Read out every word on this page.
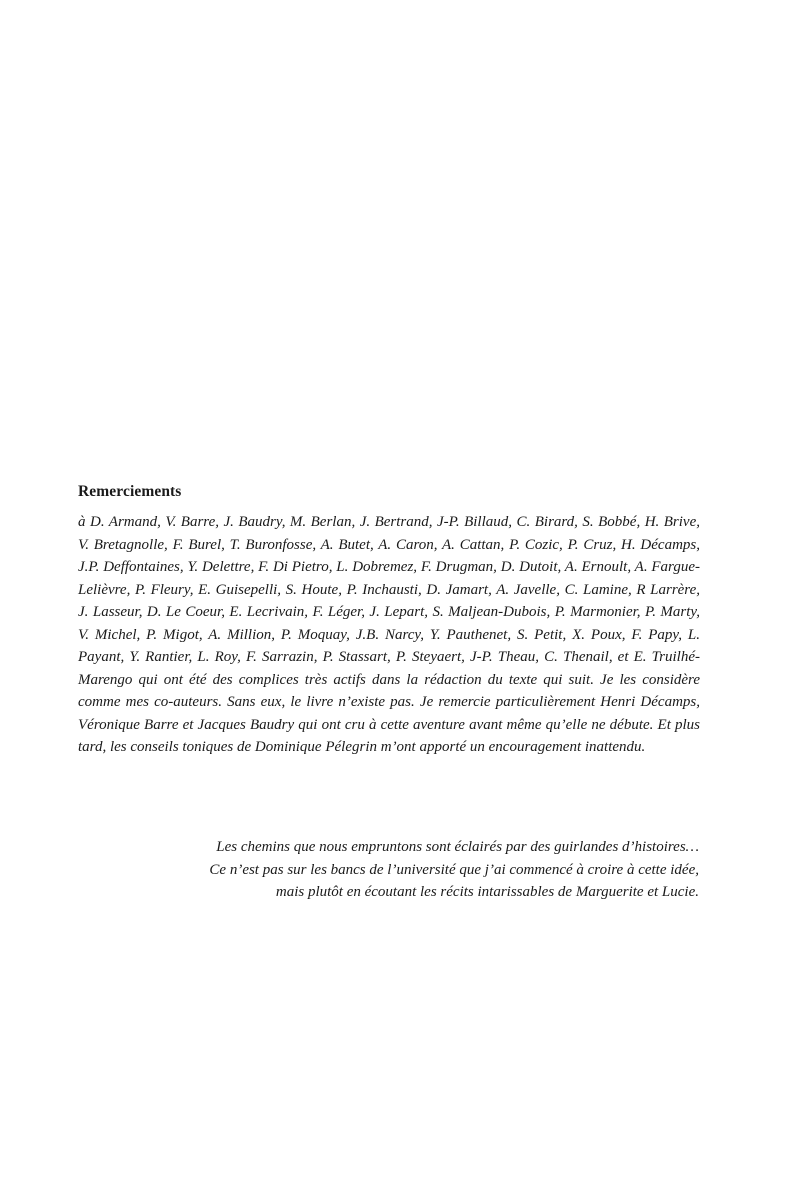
Remerciements

à D. Armand, V. Barre, J. Baudry, M. Berlan, J. Bertrand, J-P. Billaud, C. Birard, S. Bobbé, H. Brive, V. Bretagnolle, F. Burel, T. Buronfosse, A. Butet, A. Caron, A. Cattan, P. Cozic, P. Cruz, H. Décamps, J.P. Deffontaines, Y. Delettre, F. Di Pietro, L. Dobremez, F. Drugman, D. Dutoit, A. Ernoult, A. Fargue-Lelièvre, P. Fleury, E. Guisepelli, S. Houte, P. Inchausti, D. Jamart, A. Javelle, C. Lamine, R Larrère, J. Lasseur, D. Le Coeur, E. Lecrivain, F. Léger, J. Lepart, S. Maljean-Dubois, P. Marmonier, P. Marty, V. Michel, P. Migot, A. Million, P. Moquay, J.B. Narcy, Y. Pauthenet, S. Petit, X. Poux, F. Papy, L. Payant, Y. Rantier, L. Roy, F. Sarrazin, P. Stassart, P. Steyaert, J-P. Theau, C. Thenail, et E. Truilhé-Marengo qui ont été des complices très actifs dans la rédaction du texte qui suit. Je les considère comme mes co-auteurs. Sans eux, le livre n’existe pas. Je remercie particulièrement Henri Décamps, Véronique Barre et Jacques Baudry qui ont cru à cette aventure avant même qu’elle ne débute. Et plus tard, les conseils toniques de Dominique Pélegrin m’ont apporté un encouragement inattendu.

Les chemins que nous empruntons sont éclairés par des guirlandes d’histoires…
Ce n’est pas sur les bancs de l’université que j’ai commencé à croire à cette idée,
mais plutôt en écoutant les récits intarissables de Marguerite et Lucie.
